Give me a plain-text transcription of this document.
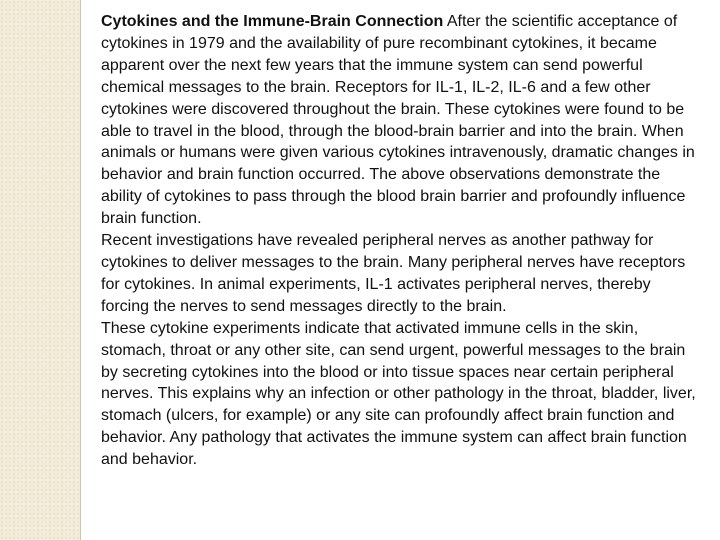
Cytokines and the Immune-Brain Connection After the scientific acceptance of cytokines in 1979 and the availability of pure recombinant cytokines, it became apparent over the next few years that the immune system can send powerful chemical messages to the brain. Receptors for IL-1, IL-2, IL-6 and a few other cytokines were discovered throughout the brain. These cytokines were found to be able to travel in the blood, through the blood-brain barrier and into the brain. When animals or humans were given various cytokines intravenously, dramatic changes in behavior and brain function occurred. The above observations demonstrate the ability of cytokines to pass through the blood brain barrier and profoundly influence brain function.

Recent investigations have revealed peripheral nerves as another pathway for cytokines to deliver messages to the brain. Many peripheral nerves have receptors for cytokines. In animal experiments, IL-1 activates peripheral nerves, thereby forcing the nerves to send messages directly to the brain.

These cytokine experiments indicate that activated immune cells in the skin, stomach, throat or any other site, can send urgent, powerful messages to the brain by secreting cytokines into the blood or into tissue spaces near certain peripheral nerves. This explains why an infection or other pathology in the throat, bladder, liver, stomach (ulcers, for example) or any site can profoundly affect brain function and behavior. Any pathology that activates the immune system can affect brain function and behavior.
